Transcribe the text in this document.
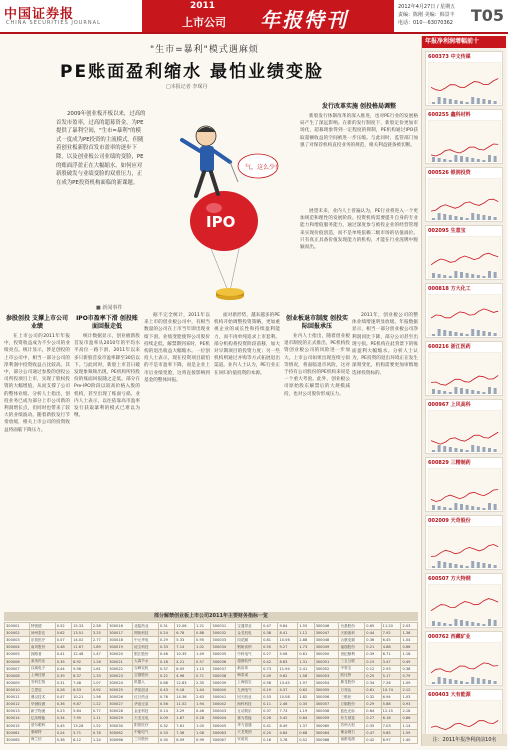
中国证券报
CHINA SECURITIES JOURNAL
2011
上市公司 年报特刊
2012年4月27日 / 星期五
责编：陈刚 美编：韩景丰
电话：010－63070362 T05
"生市=暴利"模式遇麻烦
PE账面盈利缩水 最怕业绩变脸
□本报记者 李琛丹
2009年创业板开板以来，过高的首发市盈率，过高的超募资金，为PE提供了暴利空间，"生市=暴利"的模式一度成为PE投资的主流模式。但随着创业板新股首发市盈率的逐步下降，以及创业板公司业绩的变脸，PE的账面浮盈正在大幅缩水。如何应对新股破发与业绩变脸的双重压力，正在成为PE投资机构面临的新课题。
■ 新闻事件
IPO
气，这么少!
参股创投 支撑上市公司业绩

在上市公司的2011年年报中，投资收益成为不少公司的业绩亮点。统计显示，涉足创投的上市公司中，相当一部分公司的净利润中投资收益占比较高。其中，部分公司通过参股的创投公司所投项目上市，实现了股权投资的大幅增值，从而支撑了公司的整体业绩。分析人士指出，创投业务已成为部分上市公司新的利润增长点，但同时也带来了较大的业绩波动。随着新股发行节奏放缓，相关上市公司的投资收益将面临下降压力。

IPO市盈率下滑 创投账面回报走低

统计数据显示，创业板新股首发市盈率从2010年的平均水平高位一路下滑，2011年以来多只新股首发市盈率降至30倍以下。与此同时，新股上市首日破发现象频频出现，PE机构所持股份的账面回报随之走低。部分在Pre-IPO阶段以较高价格入股的机构，甚至出现了账面亏损。业内人士表示，以往依靠高市盈率发行获取暴利的模式已难以为继。

据不完全统计，2011年以来上市的创业板公司中，有相当数量的公司在上市当年即出现业绩下滑。业绩变脸使得公司股价持续走低，解禁期到来时，PE机构的退出收益大幅缩水。一位创投人士表示，现在投资项目最怕的不是市盈率下降，而是企业上市后业绩变脸，这将直接影响到基金的整体回报。

面对新形势，越来越多的PE机构开始调整投资策略，更加重视企业的成长性和持续盈利能力，而不再单纯追求上市套利。部分机构将投资阶段前移，加大对早期项目的投资力度；另一些机构则通过并购等方式拓展退出渠道。业内人士认为，PE行业正在回归价值投资的本源。

创业板退市制度 创投实际回报承压

业内人士指出，随着创业板退市制度的正式推出，PE机构投资创业板公司的风险进一步加大。上市公司如果出现连续亏损等情况，将面临退市风险，这对于持有公司股份的PE机构来说是一个重大考验。此外，创业板公司原始股东解禁后的大规模减持，也对公司股价形成压力。

2011年，创业板公司的整体业绩增速明显放缓。年报数据显示，相当一部分创业板公司净利润同比下降，部分公司甚至出现亏损。PE机构在此背景下的账面盈利大幅缩水。分析人士认为，PE投资的退出环境正在发生深刻变化，机构需要更加审慎地选择投资标的。

发行改革实施 创投格局调整

新股发行体制改革的深入推进，也对PE行业的发展格局产生了深远影响。在新的发行制度下，新股定价更加市场化，超募现象得到一定程度的抑制，PE机构通过IPO获取超额收益的空间被进一步压缩。与此同时，监管部门加强了对保荐机构直投业务的规范，相关利益链条被切断。

展望未来，业内人士普遍认为，PE行业将进入一个更加规范和理性的发展阶段。投资机构需要提升自身的专业能力和增值服务能力，通过深度参与被投企业的经营管理来实现价值创造，而不是单纯依赖二级市场的估值溢价。只有真正具备价值发现能力的机构，才能在行业洗牌中脱颖而出。

年报净利润增幅前十
600373 中文传媒
600255 鑫科材料
000526 银润投资
002095 生意宝
000818 方大化工
600216 浙江医药
000967 上风高科
600829 三精制药
002009 天奇股份
600507 方大特钢
000762 西藏矿业
600403 大有能源
注：2011年报净利润前10名
部分解禁创业板上市公司2011年主要财务指标一览
300001	特锐德	0.52	15.33	2.58	300016	北陆药业	0.31	12.06	1.21	300031	宝通带业	0.47	9.84	1.55	300046	台基股份	0.65	11.20	2.03
300002	神州泰岳	0.62	13.51	3.25	300017	网宿科技	0.24	6.78	0.88	300032	金龙机电	0.38	8.41	1.12	300047	天源迪科	0.44	7.92	1.36
300003	乐普医疗	0.57	14.02	2.77	300018	中元华电	0.29	5.33	0.95	300033	同花顺	0.81	10.56	2.88	300048	合康变频	0.36	6.45	1.04
300004	南风股份	0.48	11.67	1.89	300019	硅宝科技	0.33	7.14	1.02	300034	钢研高纳	0.55	9.27	1.73	300049	福瑞股份	0.21	4.88	0.66
300005	探路者	0.41	12.48	1.47	300020	银江股份	0.46	10.35	1.49	300035	中科电气	0.27	5.06	0.81	300050	世纪鼎利	0.39	6.71	1.18
300006	莱美药业	0.35	8.92	1.26	300021	大禹节水	0.18	4.21	0.57	300036	超图软件	0.42	8.83	1.31	300051	三五互联	0.15	3.47	0.49
300007	汉威电子	0.44	9.56	1.61	300022	吉峰农机	0.37	8.05	1.15	300037	新宙邦	0.73	11.94	2.41	300052	中青宝	0.12	2.93	0.38
300008	上海佳豪	0.39	8.37	1.33	300023	宝德股份	0.22	4.96	0.71	300038	梅泰诺	0.49	9.62	1.58	300053	欧比特	0.25	5.17	0.79
300009	安科生物	0.31	7.48	1.07	300024	机器人	0.68	12.83	2.35	300039	上海凯宝	0.58	13.45	1.97	300054	鼎龙股份	0.34	7.26	1.09
300010	立思辰	0.28	6.53	0.92	300025	华星创业	0.43	9.18	1.44	300040	九洲电气	0.19	4.37	0.62	300055	万邦达	0.61	10.74	2.12
300011	鼎汉技术	0.47	10.21	1.56	300026	红日药业	0.76	14.36	2.63	300041	回天胶业	0.53	10.08	1.82	300056	三维丝	0.32	6.94	1.03
300012	华测检测	0.36	9.87	1.22	300027	华谊兄弟	0.56	11.52	1.94	300042	朗科科技	0.11	2.46	0.35	300057	万顺股份	0.29	5.88	0.93
300013	新宁物流	0.23	5.64	0.77	300028	金亚科技	0.14	3.29	0.46	300043	互动娱乐	0.37	7.73	1.19	300058	蓝色光标	0.64	12.15	2.18
300014	亿纬锂能	0.34	7.95	1.11	300029	天龙光电	0.09	1.87	0.28	300044	赛为智能	0.26	5.42	0.84	300059	东方财富	0.27	6.18	0.86
300015	爱尔眼科	0.45	13.28	1.52	300030	阳普医疗	0.32	7.61	1.05	300045	华力创通	0.41	8.49	1.37	300060	苏州大恒	0.35	7.03	1.14
300061	康耐特	0.24	5.71	0.78	300062	中能电气	0.33	7.36	1.08	300063	天龙集团	0.20	4.64	0.68	300064	豫金刚石	0.47	9.85	1.59
300065	海兰信	0.38	8.12	1.24	300066	三川股份	0.30	6.59	0.99	300067	安诺其	0.16	3.78	0.52	300068	南都电源	0.42	8.97	1.40
